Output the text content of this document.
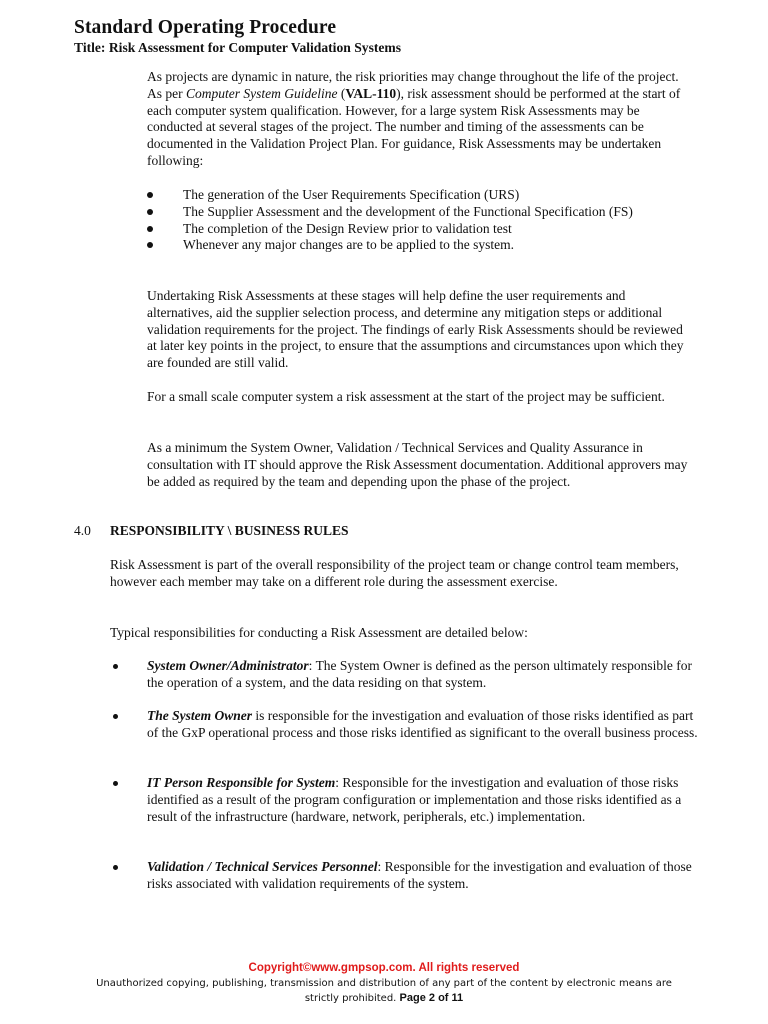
Standard Operating Procedure
Title: Risk Assessment for Computer Validation Systems

As projects are dynamic in nature, the risk priorities may change throughout the life of the project. As per Computer System Guideline (VAL-110), risk assessment should be performed at the start of each computer system qualification. However, for a large system Risk Assessments may be conducted at several stages of the project. The number and timing of the assessments can be documented in the Validation Project Plan. For guidance, Risk Assessments may be undertaken following:

The generation of the User Requirements Specification (URS)
The Supplier Assessment and the development of the Functional Specification (FS)
The completion of the Design Review prior to validation test
Whenever any major changes are to be applied to the system.

Undertaking Risk Assessments at these stages will help define the user requirements and alternatives, aid the supplier selection process, and determine any mitigation steps or additional validation requirements for the project. The findings of early Risk Assessments should be reviewed at later key points in the project, to ensure that the assumptions and circumstances upon which they are founded are still valid.

For a small scale computer system a risk assessment at the start of the project may be sufficient.

As a minimum the System Owner, Validation / Technical Services and Quality Assurance in consultation with IT should approve the Risk Assessment documentation. Additional approvers may be added as required by the team and depending upon the phase of the project.

4.0 RESPONSIBILITY \ BUSINESS RULES

Risk Assessment is part of the overall responsibility of the project team or change control team members, however each member may take on a different role during the assessment exercise.

Typical responsibilities for conducting a Risk Assessment are detailed below:

System Owner/Administrator: The System Owner is defined as the person ultimately responsible for the operation of a system, and the data residing on that system.
The System Owner is responsible for the investigation and evaluation of those risks identified as part of the GxP operational process and those risks identified as significant to the overall business process.
IT Person Responsible for System: Responsible for the investigation and evaluation of those risks identified as a result of the program configuration or implementation and those risks identified as a result of the infrastructure (hardware, network, peripherals, etc.) implementation.
Validation / Technical Services Personnel: Responsible for the investigation and evaluation of those risks associated with validation requirements of the system.
Copyright©www.gmpsop.com. All rights reserved
Unauthorized copying, publishing, transmission and distribution of any part of the content by electronic means are strictly prohibited. Page 2 of 11
